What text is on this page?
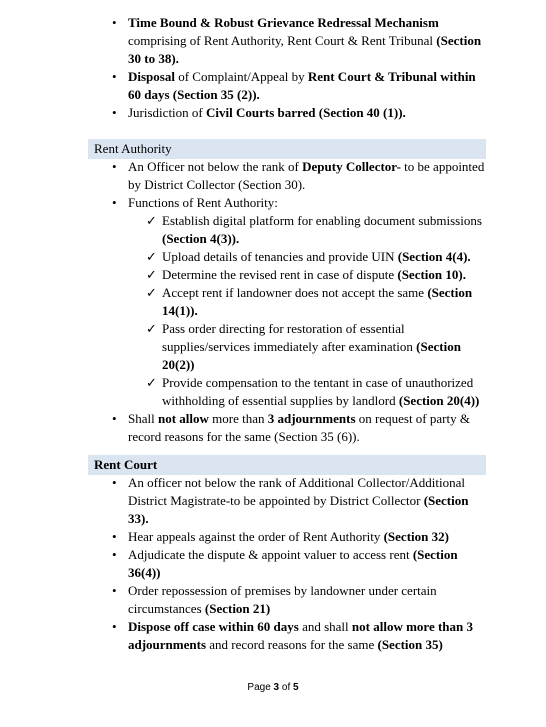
• Time Bound & Robust Grievance Redressal Mechanism comprising of Rent Authority, Rent Court & Rent Tribunal (Section 30 to 38).
• Disposal of Complaint/Appeal by Rent Court & Tribunal within 60 days (Section 35 (2)).
• Jurisdiction of Civil Courts barred (Section 40 (1)).
Rent Authority
• An Officer not below the rank of Deputy Collector- to be appointed by District Collector (Section 30).
• Functions of Rent Authority:
✓ Establish digital platform for enabling document submissions (Section 4(3)).
✓ Upload details of tenancies and provide UIN (Section 4(4).
✓ Determine the revised rent in case of dispute (Section 10).
✓ Accept rent if landowner does not accept the same (Section 14(1)).
✓ Pass order directing for restoration of essential supplies/services immediately after examination (Section 20(2))
✓ Provide compensation to the tentant in case of unauthorized withholding of essential supplies by landlord (Section 20(4))
• Shall not allow more than 3 adjournments on request of party & record reasons for the same (Section 35 (6)).
Rent Court
• An officer not below the rank of Additional Collector/Additional District Magistrate-to be appointed by District Collector (Section 33).
• Hear appeals against the order of Rent Authority (Section 32)
• Adjudicate the dispute & appoint valuer to access rent (Section 36(4))
• Order repossession of premises by landowner under certain circumstances (Section 21)
• Dispose off case within 60 days and shall not allow more than 3 adjournments and record reasons for the same (Section 35)
Page 3 of 5
